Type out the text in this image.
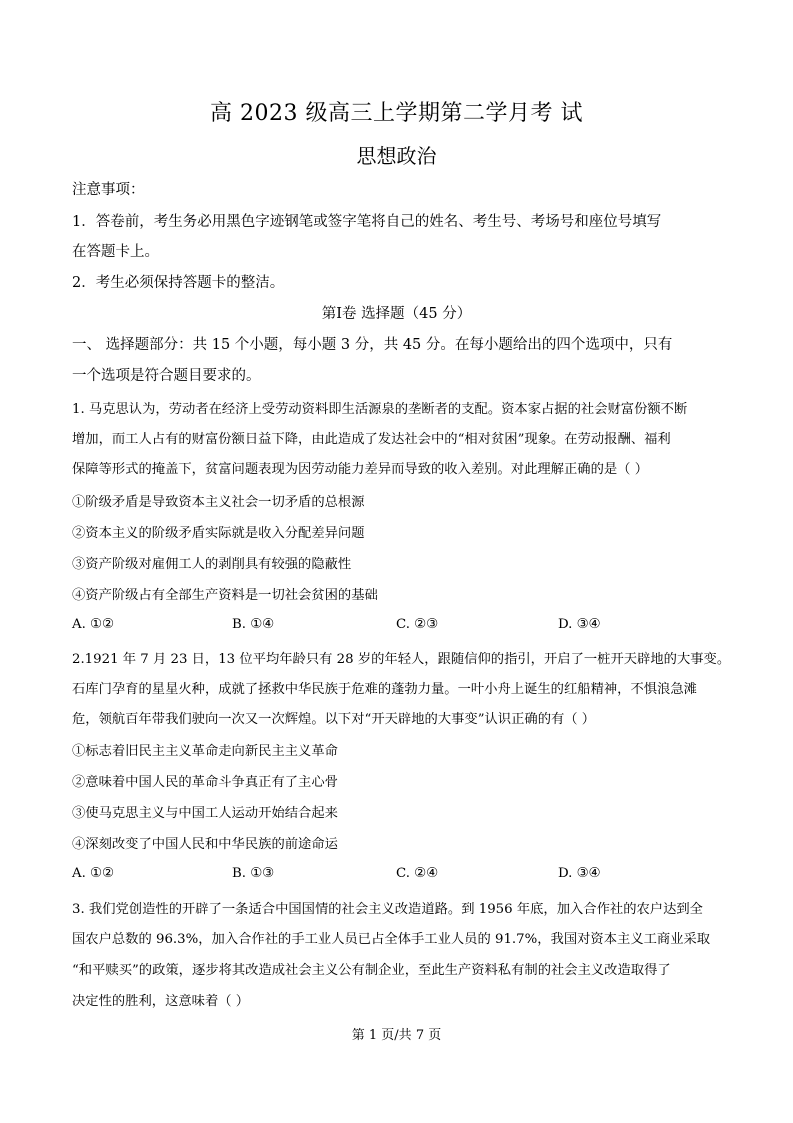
高 2023 级高三上学期第二学月考 试
思想政治
注意事项：
1．答卷前，考生务必用黑色字迹钢笔或签字笔将自己的姓名、考生号、考场号和座位号填写
在答题卡上。
2．考生必须保持答题卡的整洁。
第Ⅰ卷 选择题（45 分）
一、 选择题部分：共 15 个小题，每小题 3 分，共 45 分。在每小题给出的四个选项中，只有
一个选项是符合题目要求的。
1. 马克思认为，劳动者在经济上受劳动资料即生活源泉的垄断者的支配。资本家占据的社会财富份额不断
增加，而工人占有的财富份额日益下降，由此造成了发达社会中的“相对贫困”现象。在劳动报酬、福利
保障等形式的掩盖下，贫富问题表现为因劳动能力差异而导致的收入差别。对此理解正确的是（ ）
①阶级矛盾是导致资本主义社会一切矛盾的总根源
②资本主义的阶级矛盾实际就是收入分配差异问题
③资产阶级对雇佣工人的剥削具有较强的隐蔽性
④资产阶级占有全部生产资料是一切社会贫困的基础
A. ①②	B. ①④	C. ②③	D. ③④
2.1921 年 7 月 23 日，13 位平均年龄只有 28 岁的年轻人，跟随信仰的指引，开启了一桩开天辟地的大事变。
石库门孕育的星星火种，成就了拯救中华民族于危难的蓬勃力量。一叶小舟上诞生的红船精神，不惧浪急滩
危，领航百年带我们驶向一次又一次辉煌。以下对“开天辟地的大事变”认识正确的有（ ）
①标志着旧民主主义革命走向新民主主义革命
②意味着中国人民的革命斗争真正有了主心骨
③使马克思主义与中国工人运动开始结合起来
④深刻改变了中国人民和中华民族的前途命运
A. ①②	B. ①③	C. ②④	D. ③④
3. 我们党创造性的开辟了一条适合中国国情的社会主义改造道路。到 1956 年底，加入合作社的农户达到全
国农户总数的 96.3%，加入合作社的手工业人员已占全体手工业人员的 91.7%，我国对资本主义工商业采取
“和平赎买”的政策，逐步将其改造成社会主义公有制企业，至此生产资料私有制的社会主义改造取得了
决定性的胜利，这意味着（ ）
第 1 页/共 7 页
